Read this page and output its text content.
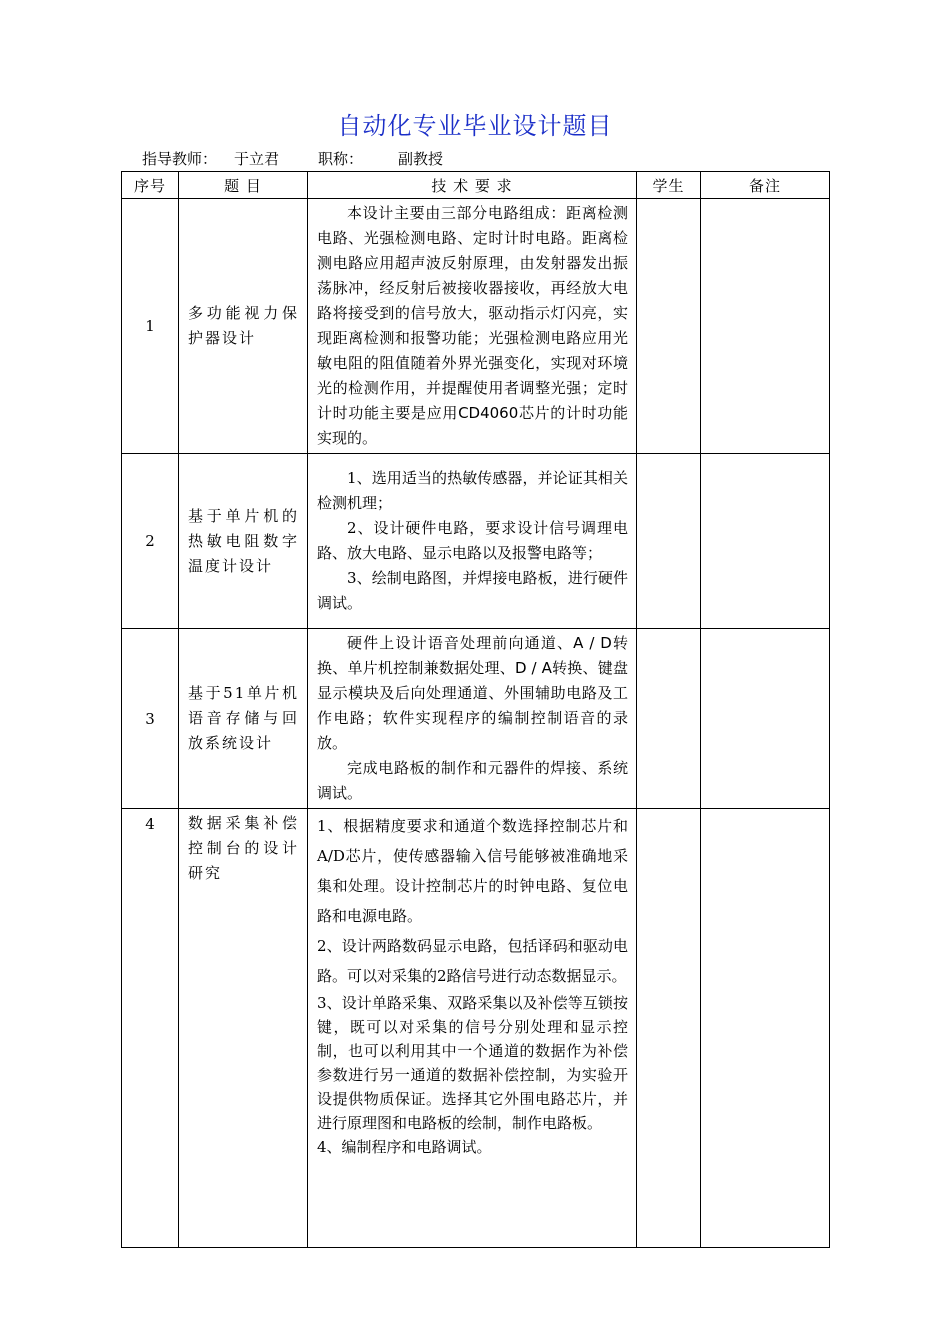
自动化专业毕业设计题目
指导教师： 于立君	职称： 副教授
序号	题 目	技 术 要 求	学生	备注
1	多功能视力保护器设计	本设计主要由三部分电路组成：距离检测电路、光强检测电路、定时计时电路。距离检测电路应用超声波反射原理，由发射器发出振荡脉冲，经反射后被接收器接收，再经放大电路将接受到的信号放大，驱动指示灯闪亮，实现距离检测和报警功能；光强检测电路应用光敏电阻的阻值随着外界光强变化，实现对环境光的检测作用，并提醒使用者调整光强；定时计时功能主要是应用CD4060芯片的计时功能实现的。		

2	基于单片机的热敏电阻数字温度计设计	1、选用适当的热敏传感器，并论证其相关检测机理；

2、设计硬件电路，要求设计信号调理电路、放大电路、显示电路以及报警电路等；

3、绘制电路图，并焊接电路板，进行硬件调试。		

3	基于51单片机语音存储与回放系统设计	硬件上设计语音处理前向通道、A / D转换、单片机控制兼数据处理、D / A转换、键盘显示模块及后向处理通道、外围辅助电路及工作电路；软件实现程序的编制控制语音的录放。

完成电路板的制作和元器件的焊接、系统调试。		

4	数据采集补偿控制台的设计研究	1、根据精度要求和通道个数选择控制芯片和A/D芯片，使传感器输入信号能够被准确地采集和处理。设计控制芯片的时钟电路、复位电路和电源电路。

2、设计两路数码显示电路，包括译码和驱动电路。可以对采集的2路信号进行动态数据显示。

3、设计单路采集、双路采集以及补偿等互锁按键，既可以对采集的信号分别处理和显示控制，也可以利用其中一个通道的数据作为补偿参数进行另一通道的数据补偿控制，为实验开设提供物质保证。选择其它外围电路芯片，并进行原理图和电路板的绘制，制作电路板。

4、编制程序和电路调试。		
